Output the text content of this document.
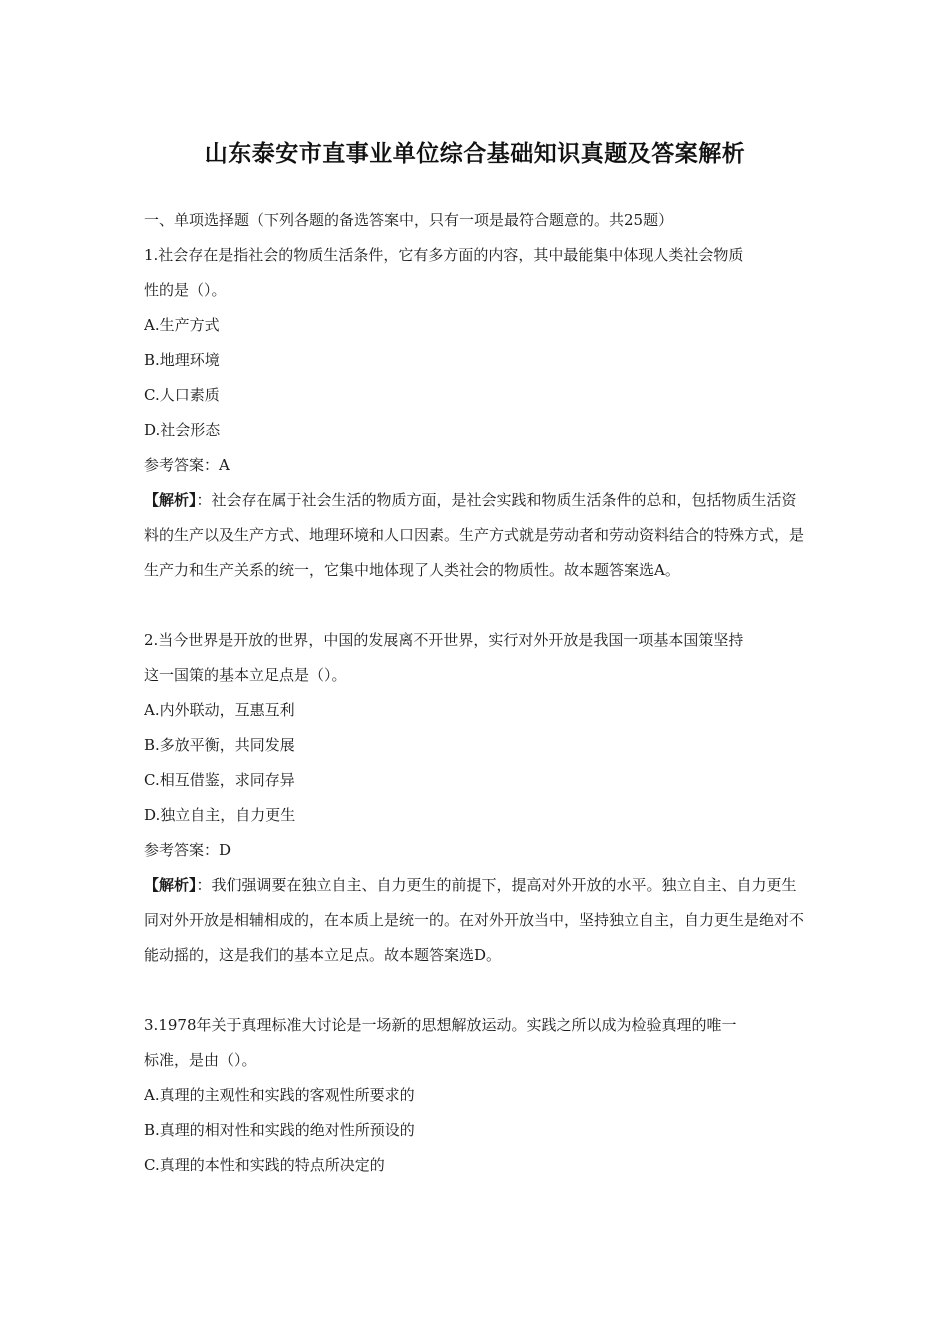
山东泰安市直事业单位综合基础知识真题及答案解析

一、单项选择题（下列各题的备选答案中，只有一项是最符合题意的。共25题）

1.社会存在是指社会的物质生活条件，它有多方面的内容，其中最能集中体现人类社会物质

性的是（）。

A.生产方式

B.地理环境

C.人口素质

D.社会形态

参考答案：A

【解析】：社会存在属于社会生活的物质方面，是社会实践和物质生活条件的总和，包括物质生活资料的生产以及生产方式、地理环境和人口因素。生产方式就是劳动者和劳动资料结合的特殊方式，是生产力和生产关系的统一，它集中地体现了人类社会的物质性。故本题答案选A。

2.当今世界是开放的世界，中国的发展离不开世界，实行对外开放是我国一项基本国策坚持

这一国策的基本立足点是（）。

A.内外联动，互惠互利

B.多放平衡，共同发展

C.相互借鉴，求同存异

D.独立自主，自力更生

参考答案：D

【解析】：我们强调要在独立自主、自力更生的前提下，提高对外开放的水平。独立自主、自力更生同对外开放是相辅相成的，在本质上是统一的。在对外开放当中，坚持独立自主，自力更生是绝对不能动摇的，这是我们的基本立足点。故本题答案选D。

3.1978年关于真理标准大讨论是一场新的思想解放运动。实践之所以成为检验真理的唯一

标准，是由（）。

A.真理的主观性和实践的客观性所要求的

B.真理的相对性和实践的绝对性所预设的

C.真理的本性和实践的特点所决定的
